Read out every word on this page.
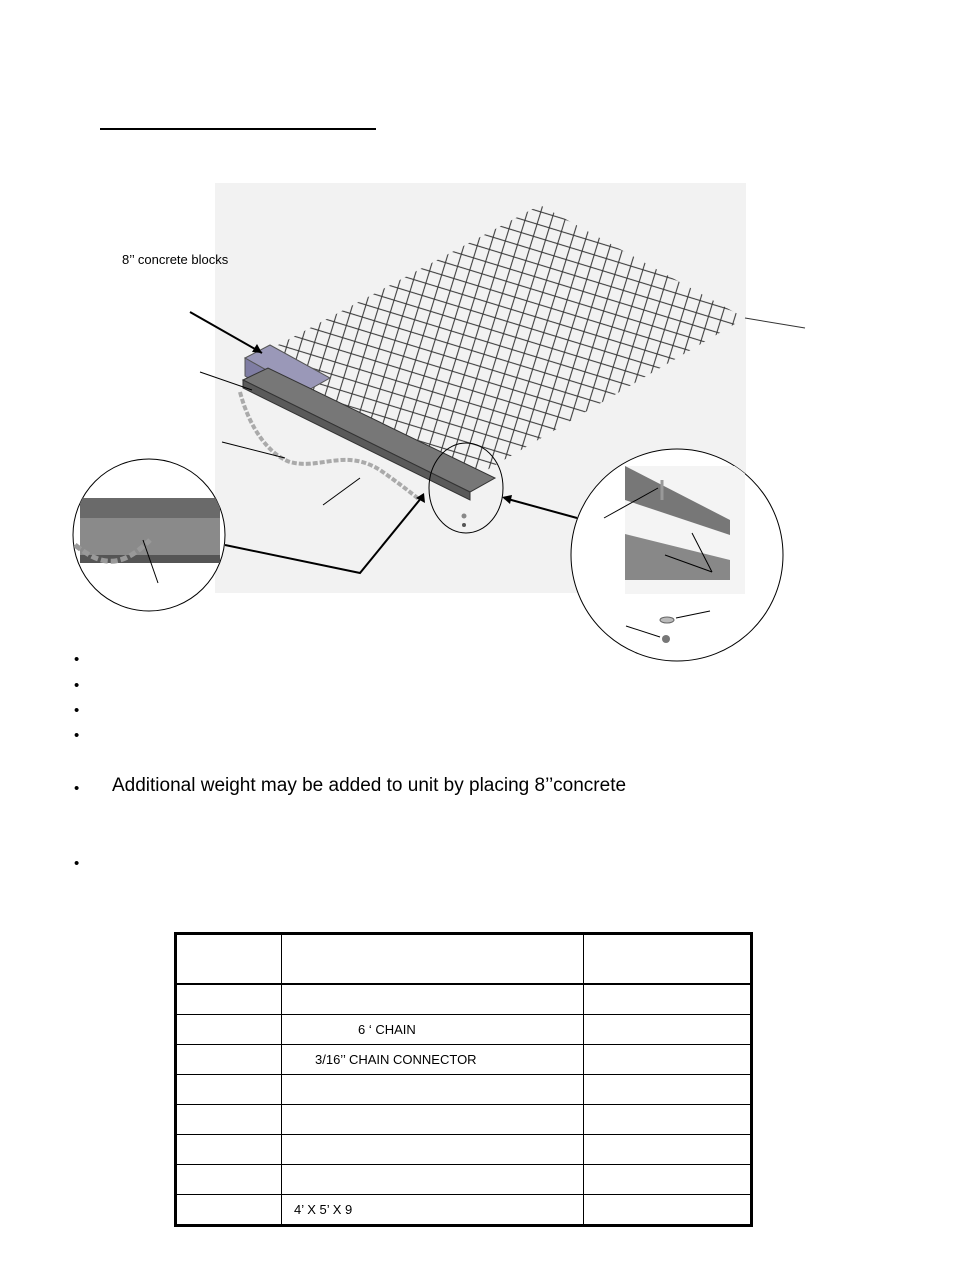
8’’ concrete blocks
•
•
•
•
• Additional weight may be added to unit by placing 8’’concrete
•

	6 ‘ CHAIN	
	3/16’’ CHAIN CONNECTOR	

	4’ X 5’ X 9	
